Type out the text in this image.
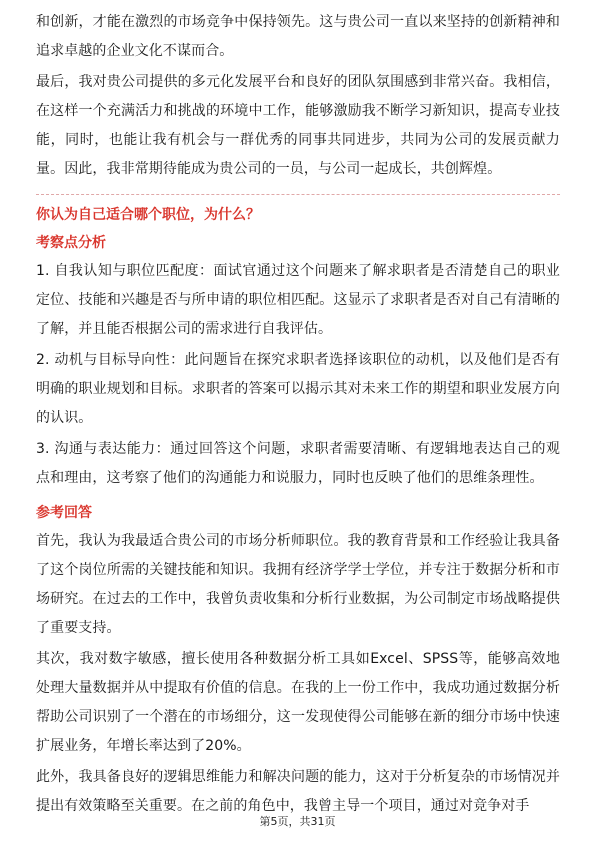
和创新，才能在激烈的市场竞争中保持领先。这与贵公司一直以来坚持的创新精神和追求卓越的企业文化不谋而合。

最后，我对贵公司提供的多元化发展平台和良好的团队氛围感到非常兴奋。我相信，在这样一个充满活力和挑战的环境中工作，能够激励我不断学习新知识，提高专业技能，同时，也能让我有机会与一群优秀的同事共同进步，共同为公司的发展贡献力量。因此，我非常期待能成为贵公司的一员，与公司一起成长，共创辉煌。

你认为自己适合哪个职位，为什么？

考察点分析

1. 自我认知与职位匹配度：面试官通过这个问题来了解求职者是否清楚自己的职业定位、技能和兴趣是否与所申请的职位相匹配。这显示了求职者是否对自己有清晰的了解，并且能否根据公司的需求进行自我评估。

2. 动机与目标导向性：此问题旨在探究求职者选择该职位的动机，以及他们是否有明确的职业规划和目标。求职者的答案可以揭示其对未来工作的期望和职业发展方向的认识。

3. 沟通与表达能力：通过回答这个问题，求职者需要清晰、有逻辑地表达自己的观点和理由，这考察了他们的沟通能力和说服力，同时也反映了他们的思维条理性。

参考回答

首先，我认为我最适合贵公司的市场分析师职位。我的教育背景和工作经验让我具备了这个岗位所需的关键技能和知识。我拥有经济学学士学位，并专注于数据分析和市场研究。在过去的工作中，我曾负责收集和分析行业数据，为公司制定市场战略提供了重要支持。

其次，我对数字敏感，擅长使用各种数据分析工具如Excel、SPSS等，能够高效地处理大量数据并从中提取有价值的信息。在我的上一份工作中，我成功通过数据分析帮助公司识别了一个潜在的市场细分，这一发现使得公司能够在新的细分市场中快速扩展业务，年增长率达到了20%。

此外，我具备良好的逻辑思维能力和解决问题的能力，这对于分析复杂的市场情况并提出有效策略至关重要。在之前的角色中，我曾主导一个项目，通过对竞争对手

第5页，共31页
